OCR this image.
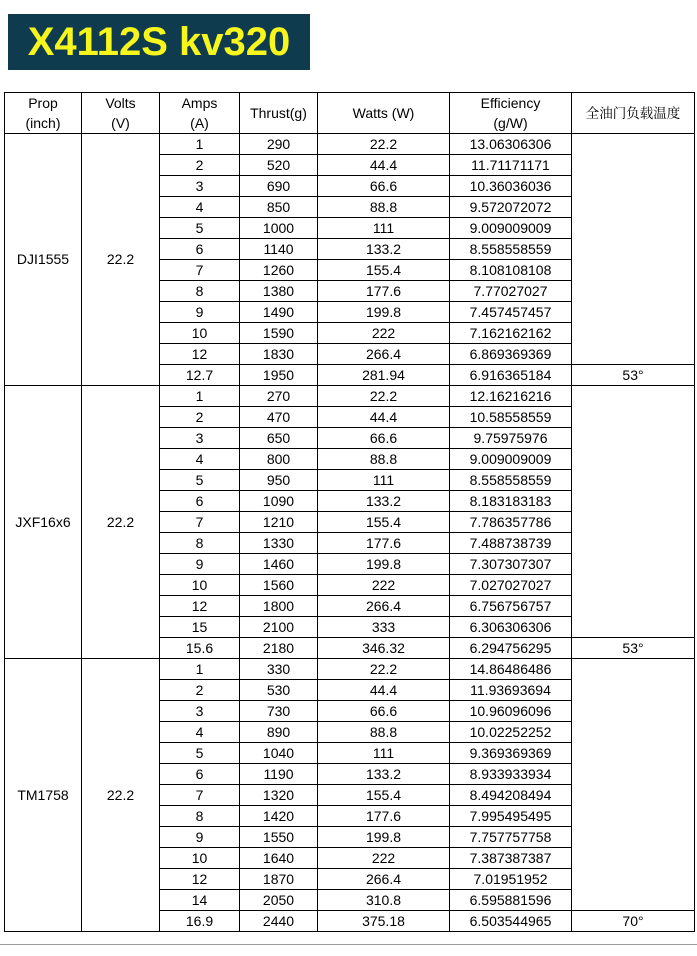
X4112S kv320
Prop	Volts	Amps	Thrust(g)	Watts (W)	Efficiency	全油门负载温度
(inch)	(V)	(A)			(g/W)	
DJI1555	22.2	1	290	22.2	13.06306306	
		2	520	44.4	11.71171171	
		3	690	66.6	10.36036036	
		4	850	88.8	9.572072072	
		5	1000	111	9.009009009	
		6	1140	133.2	8.558558559	
		7	1260	155.4	8.108108108	
		8	1380	177.6	7.77027027	
		9	1490	199.8	7.457457457	
		10	1590	222	7.162162162	
		12	1830	266.4	6.869369369	
		12.7	1950	281.94	6.916365184	53°
JXF16x6	22.2	1	270	22.2	12.16216216	
		2	470	44.4	10.58558559	
		3	650	66.6	9.75975976	
		4	800	88.8	9.009009009	
		5	950	111	8.558558559	
		6	1090	133.2	8.183183183	
		7	1210	155.4	7.786357786	
		8	1330	177.6	7.488738739	
		9	1460	199.8	7.307307307	
		10	1560	222	7.027027027	
		12	1800	266.4	6.756756757	
		15	2100	333	6.306306306	
		15.6	2180	346.32	6.294756295	53°
TM1758	22.2	1	330	22.2	14.86486486	
		2	530	44.4	11.93693694	
		3	730	66.6	10.96096096	
		4	890	88.8	10.02252252	
		5	1040	111	9.369369369	
		6	1190	133.2	8.933933934	
		7	1320	155.4	8.494208494	
		8	1420	177.6	7.995495495	
		9	1550	199.8	7.757757758	
		10	1640	222	7.387387387	
		12	1870	266.4	7.01951952	
		14	2050	310.8	6.595881596	
		16.9	2440	375.18	6.503544965	70°
